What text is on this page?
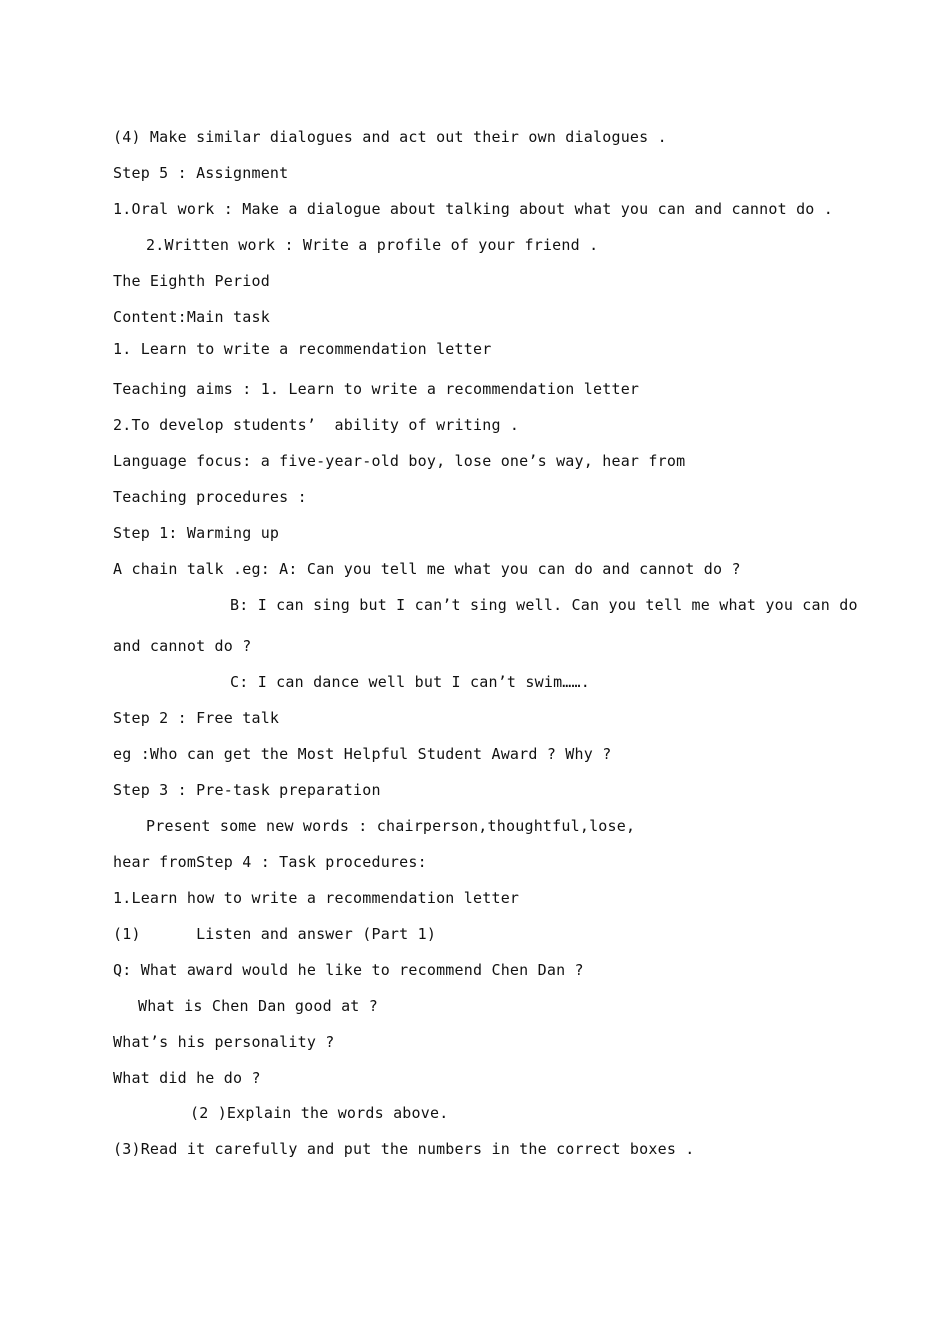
(4) Make similar dialogues and act out their own dialogues .
Step 5 : Assignment
1.Oral work : Make a dialogue about talking about what you can and cannot do .
2.Written work : Write a profile of your friend .
The Eighth Period
Content:Main task
1. Learn to write a recommendation letter
Teaching aims : 1. Learn to write a recommendation letter
2.To develop students’  ability of writing .
Language focus: a five-year-old boy, lose one’s way, hear from
Teaching procedures :
Step 1: Warming up
A chain talk .eg: A: Can you tell me what you can do and cannot do ?
B: I can sing but I can’t sing well. Can you tell me what you can do
and cannot do ?
C: I can dance well but I can’t swim…….
Step 2 : Free talk
eg :Who can get the Most Helpful Student Award ? Why ?
Step 3 : Pre-task preparation
Present some new words : chairperson,thoughtful,lose,
hear fromStep 4 : Task procedures:
1.Learn how to write a recommendation letter
(1)      Listen and answer (Part 1)
Q: What award would he like to recommend Chen Dan ?
What is Chen Dan good at ?
What’s his personality ?
What did he do ?
(2 )Explain the words above.
(3)Read it carefully and put the numbers in the correct boxes .
